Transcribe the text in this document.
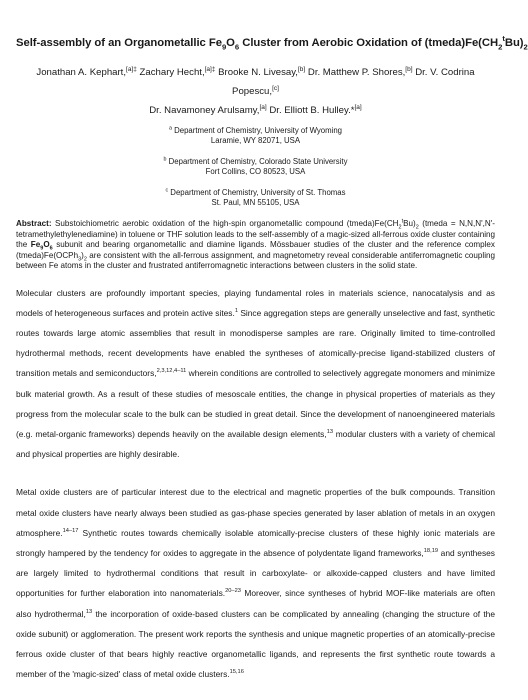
Self-assembly of an Organometallic $Fe_9O_6$ Cluster from Aerobic Oxidation of $(tmeda)Fe(CH_2^tBu)_2$
Jonathan A. Kephart,$^{[a]\ddagger}$ Zachary Hecht,$^{[a]\ddagger}$ Brooke N. Livesay,[b] Dr. Matthew P. Shores,[b] Dr. V. Codrina Popescu,[c]
Dr. Navamoney Arulsamy,[a] Dr. Elliott B. Hulley.*[a]
$^a$ Department of Chemistry, University of Wyoming
Laramie, WY 82071, USA
$^b$ Department of Chemistry, Colorado State University
Fort Collins, CO 80523, USA
$^c$ Department of Chemistry, University of St. Thomas
St. Paul, MN 55105, USA

Abstract: Substoichiometric aerobic oxidation of the high-spin organometallic compound $(tmeda)Fe(CH_2^tBu)_2$ (tmeda = N,N,N',N'-tetramethylethylenediamine) in toluene or THF solution leads to the self-assembly of a magic-sized all-ferrous oxide cluster containing the $Fe_9O_6$ subunit and bearing organometallic and diamine ligands. Mössbauer studies of the cluster and the reference complex $(tmeda)Fe(OCPh_3)_2$ are consistent with the all-ferrous assignment, and magnetometry reveal considerable antiferromagnetic coupling between Fe atoms in the cluster and frustrated antiferromagnetic interactions between clusters in the solid state.

Molecular clusters are profoundly important species, playing fundamental roles in materials science, nanocatalysis and as models of heterogeneous surfaces and protein active sites.$^1$ Since aggregation steps are generally unselective and fast, synthetic routes towards large atomic assemblies that result in monodisperse samples are rare. Originally limited to time-controlled hydrothermal methods, recent developments have enabled the syntheses of atomically-precise ligand-stabilized clusters of transition metals and semiconductors,$^{2,3,12,4-11}$ wherein conditions are controlled to selectively aggregate monomers and minimize bulk material growth. As a result of these studies of mesoscale entities, the change in physical properties of materials as they progress from the molecular scale to the bulk can be studied in great detail. Since the development of nanoengineered materials (e.g. metal-organic frameworks) depends heavily on the available design elements,$^{13}$ modular clusters with a variety of chemical and physical properties are highly desirable.

Metal oxide clusters are of particular interest due to the electrical and magnetic properties of the bulk compounds. Transition metal oxide clusters have nearly always been studied as gas-phase species generated by laser ablation of metals in an oxygen atmosphere.$^{14-17}$ Synthetic routes towards chemically isolable atomically-precise clusters of these highly ionic materials are strongly hampered by the tendency for oxides to aggregate in the absence of polydentate ligand frameworks,$^{18,19}$ and syntheses are largely limited to hydrothermal conditions that result in carboxylate- or alkoxide-capped clusters and have limited opportunities for further elaboration into nanomaterials.$^{20-23}$ Moreover, since syntheses of hybrid MOF-like materials are often also hydrothermal,$^{13}$ the incorporation of oxide-based clusters can be complicated by annealing (changing the structure of the oxide subunit) or agglomeration. The present work reports the synthesis and unique magnetic properties of an atomically-precise ferrous oxide cluster of that bears highly reactive organometallic ligands, and represents the first synthetic route towards a member of the 'magic-sized' class of metal oxide clusters.$^{15,16}$
